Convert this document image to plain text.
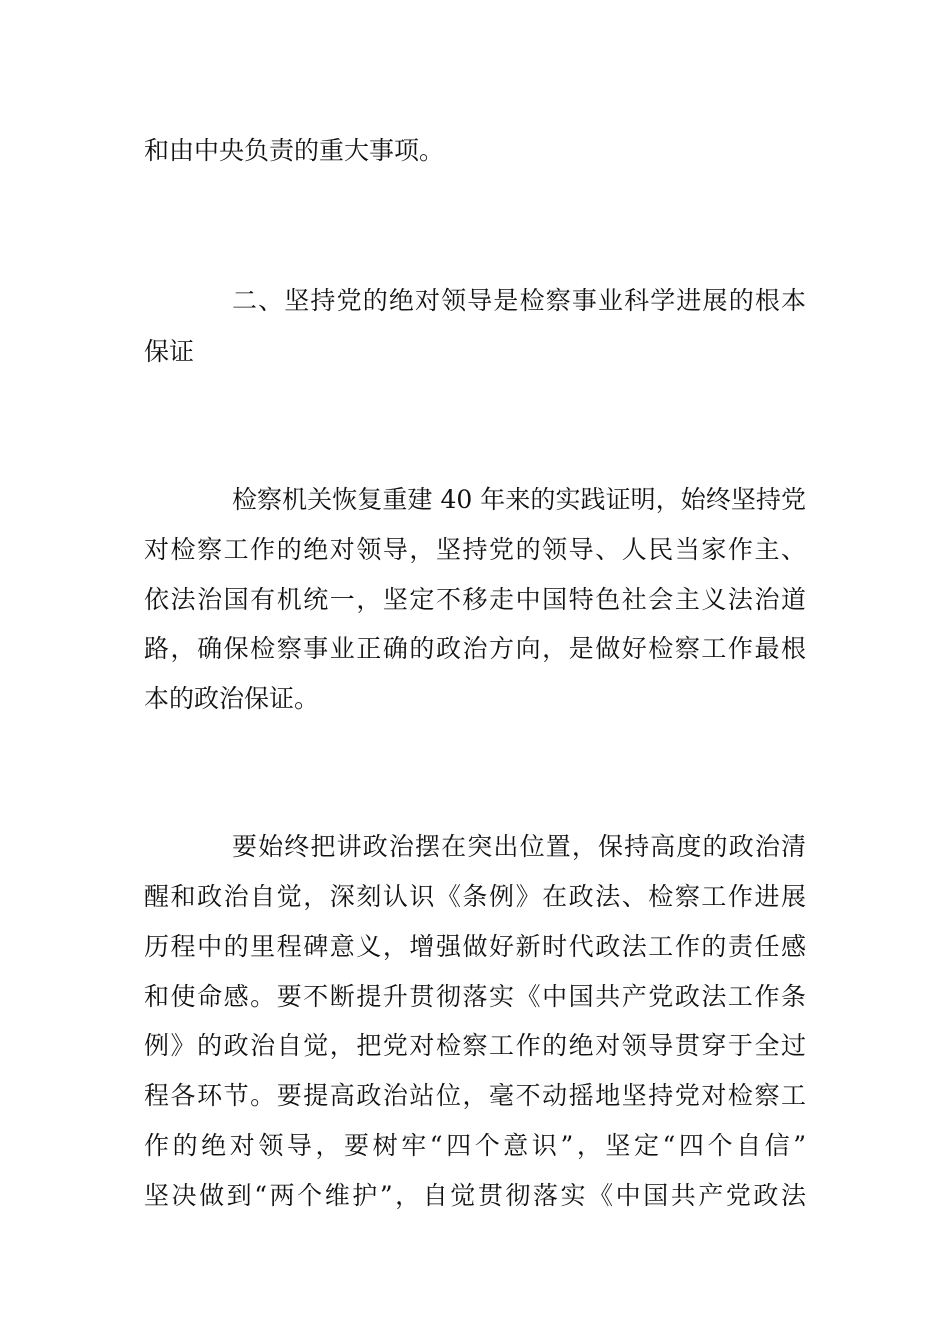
和由中央负责的重大事项。

二、坚持党的绝对领导是检察事业科学进展的根本

保证

检察机关恢复重建 40 年来的实践证明，始终坚持党

对检察工作的绝对领导，坚持党的领导、人民当家作主、

依法治国有机统一，坚定不移走中国特色社会主义法治道

路，确保检察事业正确的政治方向，是做好检察工作最根

本的政治保证。

要始终把讲政治摆在突出位置，保持高度的政治清

醒和政治自觉，深刻认识《条例》在政法、检察工作进展

历程中的里程碑意义，增强做好新时代政法工作的责任感

和使命感。要不断提升贯彻落实《中国共产党政法工作条

例》的政治自觉，把党对检察工作的绝对领导贯穿于全过

程各环节。要提高政治站位，毫不动摇地坚持党对检察工

作的绝对领导，要树牢“四个意识”，坚定“四个自信”

坚决做到“两个维护”，自觉贯彻落实《中国共产党政法
